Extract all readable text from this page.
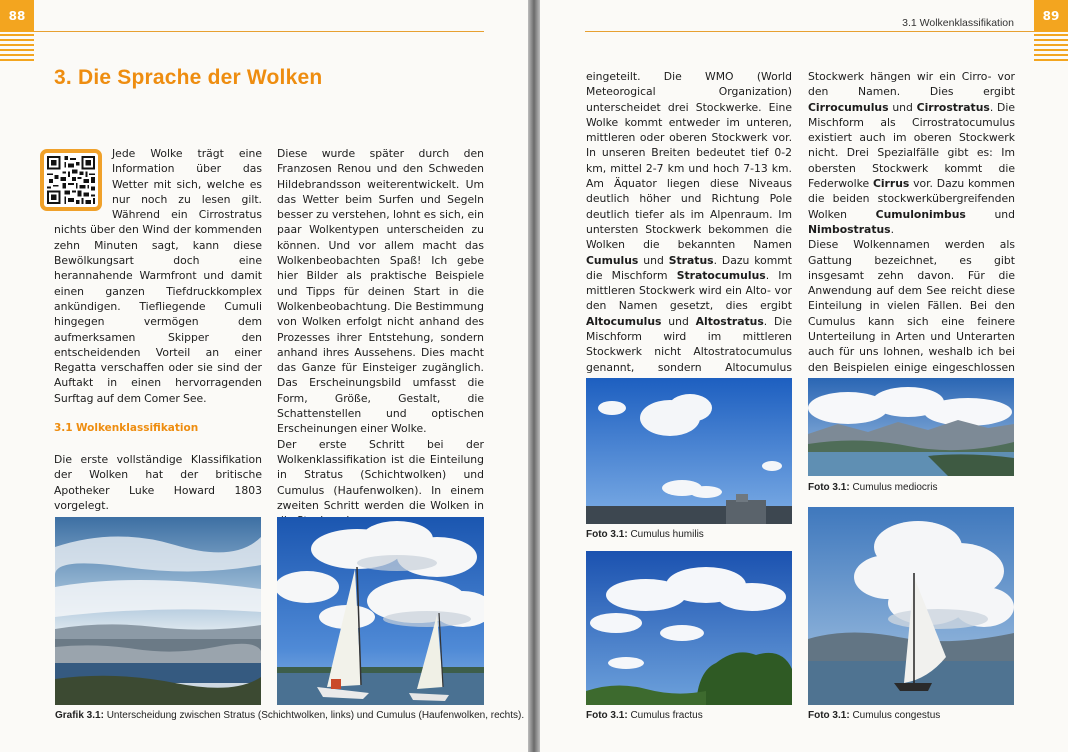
88
3. Die Sprache der Wolken

Jede Wolke trägt eine Information über das Wetter mit sich, welche es nur noch zu lesen gilt. Während ein Cirrostratus nichts über den Wind der kommenden zehn Minuten sagt, kann diese Bewölkungsart doch eine herannahende Warmfront und damit einen ganzen Tiefdruckkomplex ankündigen. Tiefliegende Cumuli hingegen vermögen dem aufmerksamen Skipper den entscheidenden Vorteil an einer Regatta verschaffen oder sie sind der Auftakt in einen hervorragenden Surftag auf dem Comer See.

3.1 Wolkenklassifikation

Die erste vollständige Klassifikation der Wolken hat der britische Apotheker Luke Howard 1803 vorgelegt.

Diese wurde später durch den Franzosen Renou und den Schweden Hildebrandsson weiterentwickelt. Um das Wetter beim Surfen und Segeln besser zu verstehen, lohnt es sich, ein paar Wolkentypen unterscheiden zu können. Und vor allem macht das Wolkenbeobachten Spaß! Ich gebe hier Bilder als praktische Beispiele und Tipps für deinen Start in die Wolkenbeobachtung. Die Bestimmung von Wolken erfolgt nicht anhand des Prozesses ihrer Entstehung, sondern anhand ihres Aussehens. Dies macht das Ganze für Einsteiger zugänglich. Das Erscheinungsbild umfasst die Form, Größe, Gestalt, die Schattenstellen und optischen Erscheinungen einer Wolke.

Der erste Schritt bei der Wolkenklassifikation ist die Einteilung in Stratus (Schichtwolken) und Cumulus (Haufenwolken). In einem zweiten Schritt werden die Wolken in

Grafik 3.1: Unterscheidung zwischen Stratus (Schichtwolken, links) und Cumulus (Haufenwolken, rechts).
89
3.1 Wolkenklassifikation

eingeteilt. Die WMO (World Meteorogical Organization) unterscheidet drei Stockwerke. Eine Wolke kommt entweder im unteren, mittleren oder oberen Stockwerk vor. In unseren Breiten bedeutet tief 0-2 km, mittel 2-7 km und hoch 7-13 km. Am Äquator liegen diese Niveaus deutlich höher und Richtung Pole deutlich tiefer als im Alpenraum. Im untersten Stockwerk bekommen die Wolken die bekannten Namen Cumulus und Stratus. Dazu kommt die Mischform Stratocumulus. Im mittleren Stockwerk wird ein Alto- vor den Namen gesetzt, dies ergibt Altocumulus und Altostratus. Die Mischform wird im mittleren Stockwerk nicht Altostratocumulus genannt, sondern Altocumulus

Stockwerk hängen wir ein Cirro- vor den Namen. Dies ergibt Cirrocumulus und Cirrostratus. Die Mischform als Cirrostratocumulus existiert auch im oberen Stockwerk nicht. Drei Spezialfälle gibt es: Im obersten Stockwerk kommt die Federwolke Cirrus vor. Dazu kommen die beiden stockwerkübergreifenden Wolken Cumulonimbus und Nimbostratus.

Diese Wolkennamen werden als Gattung bezeichnet, es gibt insgesamt zehn davon. Für die Anwendung auf dem See reicht diese Einteilung in vielen Fällen. Bei den Cumulus kann sich eine feinere Unterteilung in Arten und Unterarten auch für uns lohnen, weshalb ich bei den Beispielen einige eingeschlossen

Foto 3.1: Cumulus humilis
Foto 3.1: Cumulus mediocris
Foto 3.1: Cumulus fractus	Foto 3.1: Cumulus congestus
